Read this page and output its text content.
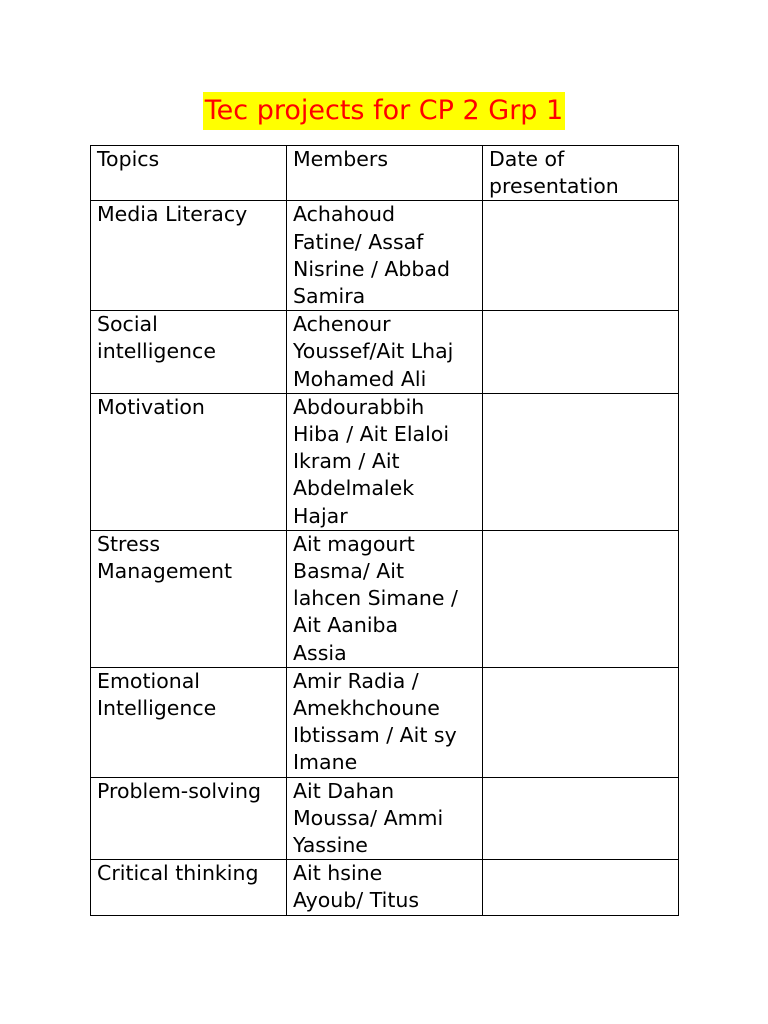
Tec projects for CP 2 Grp 1
Topics	Members	Date of presentation

Media Literacy	Achahoud
Fatine/ Assaf
Nisrine / Abbad
Samira	

Social intelligence	Achenour
Youssef/Ait Lhaj
Mohamed Ali	

Motivation	Abdourabbih
Hiba / Ait Elaloi
Ikram / Ait
Abdelmalek
Hajar	

Stress Management	Ait magourt
Basma/ Ait
lahcen Simane /
Ait Aaniba
Assia	

Emotional Intelligence	Amir Radia /
Amekhchoune
Ibtissam / Ait sy
Imane	

Problem-solving	Ait Dahan
Moussa/ Ammi
Yassine	

Critical thinking	Ait hsine
Ayoub/ Titus	
